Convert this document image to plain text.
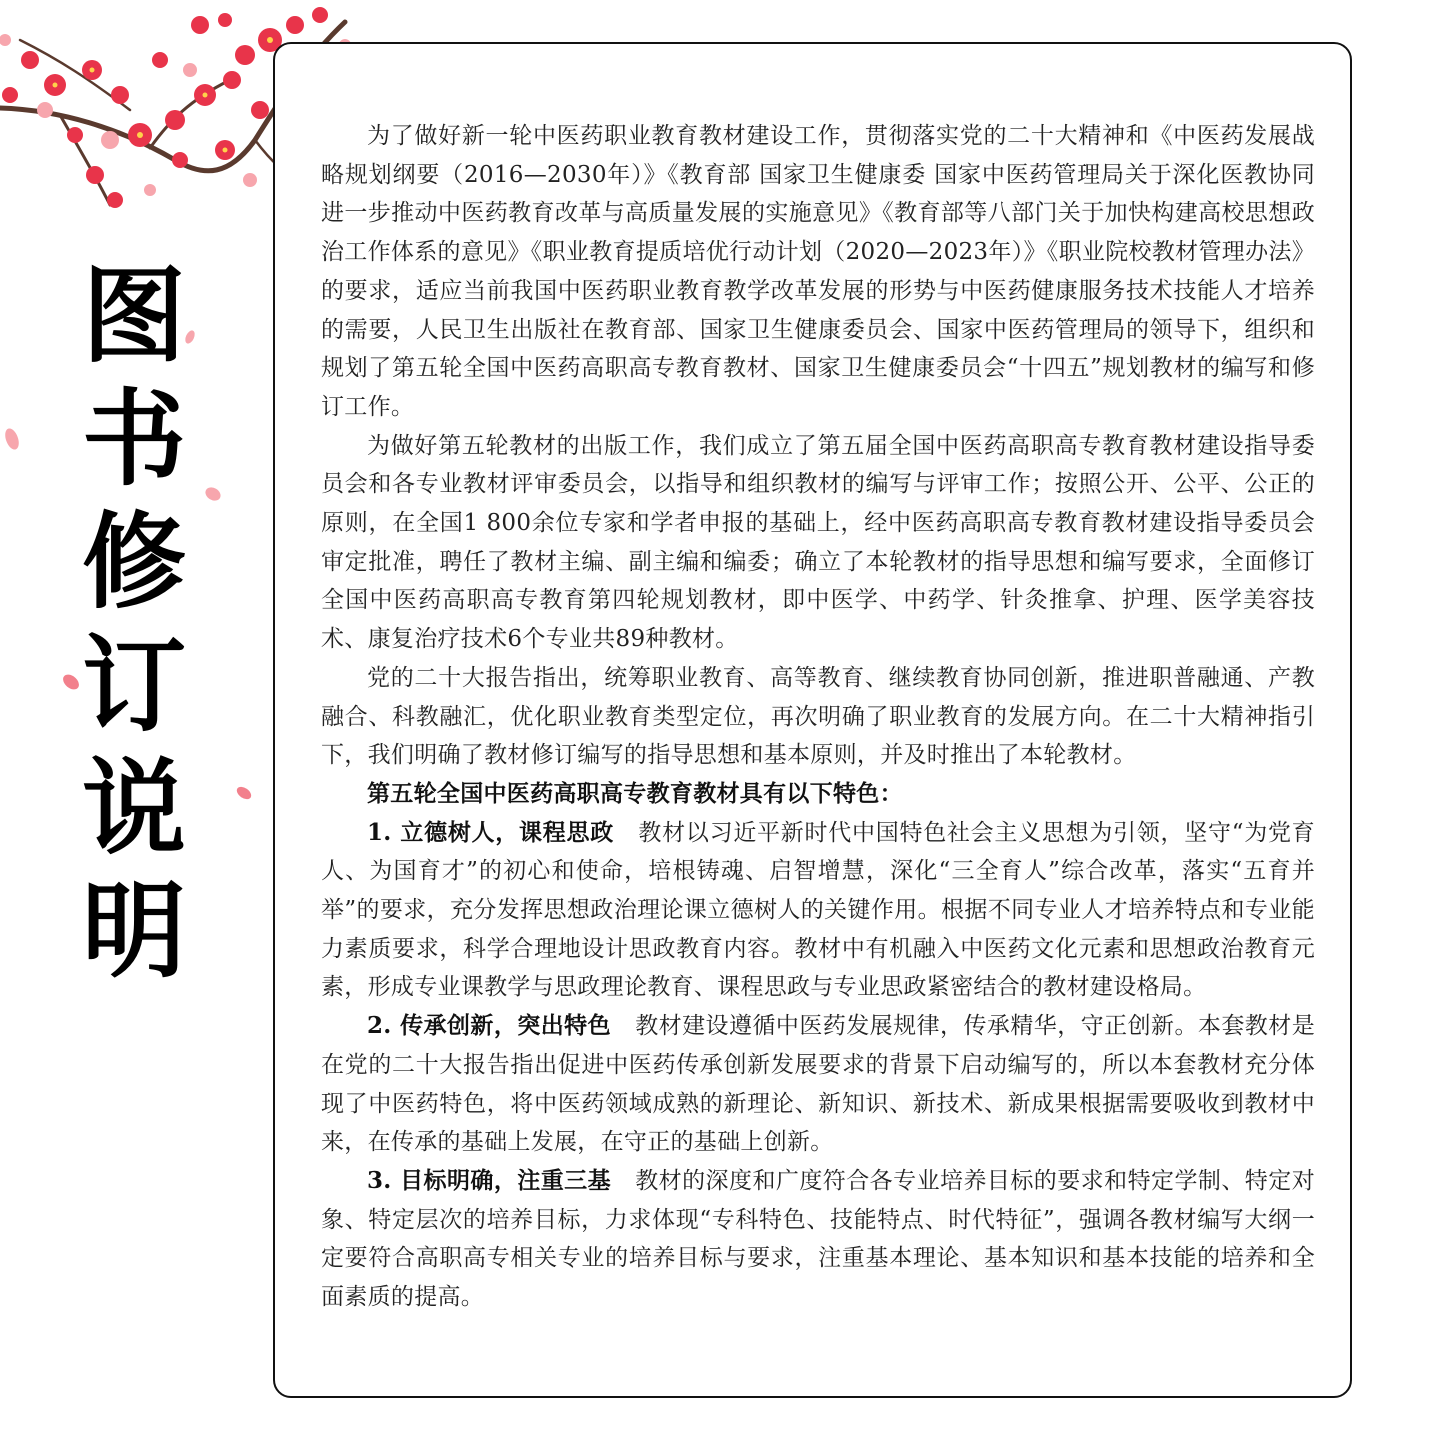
图
书
修
订
说
明

为了做好新一轮中医药职业教育教材建设工作，贯彻落实党的二十大精神和《中医药发展战略规划纲要（2016—2030年）》《教育部 国家卫生健康委 国家中医药管理局关于深化医教协同进一步推动中医药教育改革与高质量发展的实施意见》《教育部等八部门关于加快构建高校思想政治工作体系的意见》《职业教育提质培优行动计划（2020—2023年）》《职业院校教材管理办法》的要求，适应当前我国中医药职业教育教学改革发展的形势与中医药健康服务技术技能人才培养的需要，人民卫生出版社在教育部、国家卫生健康委员会、国家中医药管理局的领导下，组织和规划了第五轮全国中医药高职高专教育教材、国家卫生健康委员会“十四五”规划教材的编写和修订工作。

为做好第五轮教材的出版工作，我们成立了第五届全国中医药高职高专教育教材建设指导委员会和各专业教材评审委员会，以指导和组织教材的编写与评审工作；按照公开、公平、公正的原则，在全国1 800余位专家和学者申报的基础上，经中医药高职高专教育教材建设指导委员会审定批准，聘任了教材主编、副主编和编委；确立了本轮教材的指导思想和编写要求，全面修订全国中医药高职高专教育第四轮规划教材，即中医学、中药学、针灸推拿、护理、医学美容技术、康复治疗技术6个专业共89种教材。

党的二十大报告指出，统筹职业教育、高等教育、继续教育协同创新，推进职普融通、产教融合、科教融汇，优化职业教育类型定位，再次明确了职业教育的发展方向。在二十大精神指引下，我们明确了教材修订编写的指导思想和基本原则，并及时推出了本轮教材。

第五轮全国中医药高职高专教育教材具有以下特色：

1. 立德树人，课程思政 教材以习近平新时代中国特色社会主义思想为引领，坚守“为党育人、为国育才”的初心和使命，培根铸魂、启智增慧，深化“三全育人”综合改革，落实“五育并举”的要求，充分发挥思想政治理论课立德树人的关键作用。根据不同专业人才培养特点和专业能力素质要求，科学合理地设计思政教育内容。教材中有机融入中医药文化元素和思想政治教育元素，形成专业课教学与思政理论教育、课程思政与专业思政紧密结合的教材建设格局。

2. 传承创新，突出特色 教材建设遵循中医药发展规律，传承精华，守正创新。本套教材是在党的二十大报告指出促进中医药传承创新发展要求的背景下启动编写的，所以本套教材充分体现了中医药特色，将中医药领域成熟的新理论、新知识、新技术、新成果根据需要吸收到教材中来，在传承的基础上发展，在守正的基础上创新。

3. 目标明确，注重三基 教材的深度和广度符合各专业培养目标的要求和特定学制、特定对象、特定层次的培养目标，力求体现“专科特色、技能特点、时代特征”，强调各教材编写大纲一定要符合高职高专相关专业的培养目标与要求，注重基本理论、基本知识和基本技能的培养和全面素质的提高。
